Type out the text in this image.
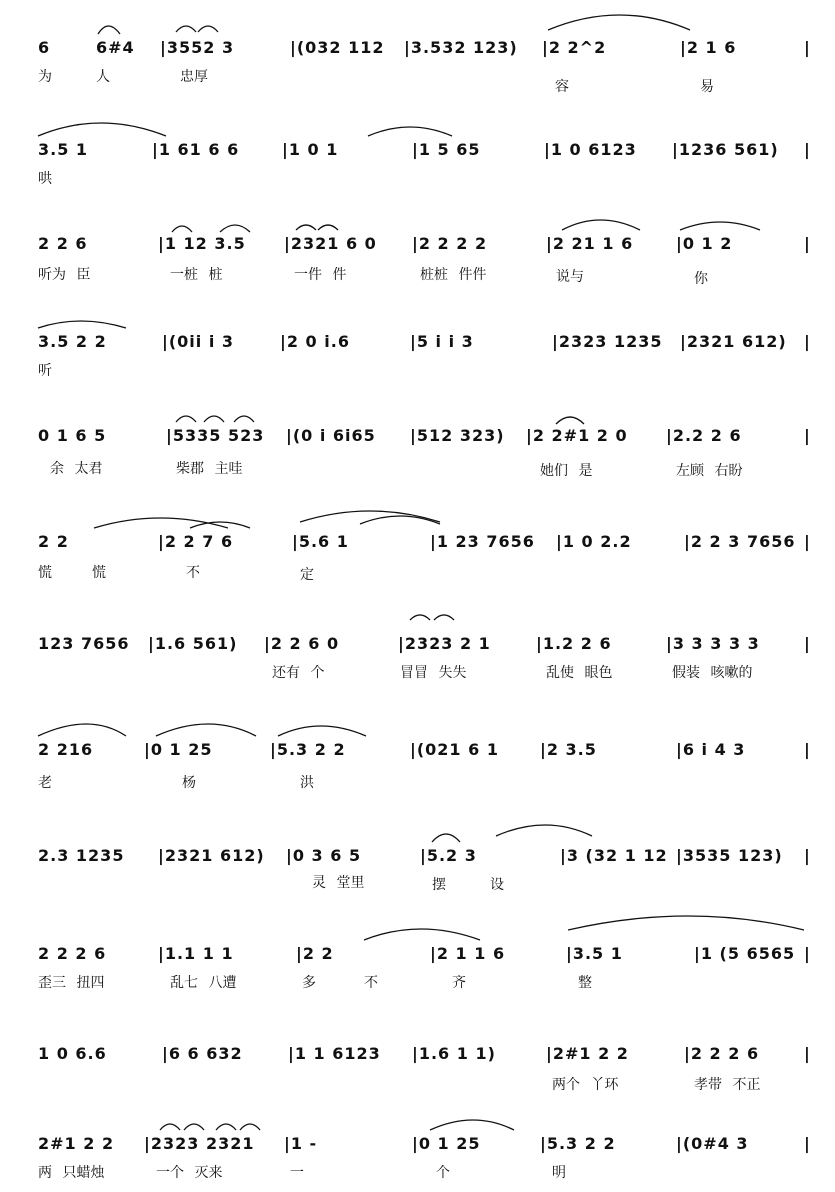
6	6#4 |3552 3	|(032 112 |3.532 123) |2 2^2	|2 1 6	|
为	人	忠厚
容	易
3.5 1	|1 61 6 6	|1 0 1	|1 5 65	|1 0 6123 |1236 561) |
哄
2 2 6	|1 12 3.5 |2321 6 0 |2 2 2 2	|2 21 1 6	|0 1 2	|
听为 臣	一桩 桩	一件 件	桩桩 件件	说与	你
3.5 2 2	|(0ii i 3	|2 0 i.6	|5 i i 3	|2323 1235 |2321 612) |
听
0 1 6 5	|5335 523 |(0 i 6i65 |512 323) |2 2#1 2 0 |2.2 2 6	|
余 太君	柴郡 主哇	她们 是	左顾 右盼
2 2	|2 2 7 6	|5.6 1	|1 23 7656 |1 0 2.2	|2 2 3 7656 |
慌	慌	不	定
123 7656 |1.6 561) |2 2 6 0	|2323 2 1	|1.2 2 6	|3 3 3 3 3	|
还有 个	冒冒 失失	乱使 眼色	假装 咳嗽的
2 216	|0 1 25	|5.3 2 2	|(021 6 1	|2 3.5	|6 i 4 3	|
老	杨	洪
2.3 1235 |2321 612) |0 3 6 5	|5.2 3	|3 (32 1 12 |3535 123) |
灵 堂里	摆	设
2 2 2 6	|1.1 1 1	|2 2	|2 1 1 6	|3.5 1	|1 (5 6565 |
歪三 扭四	乱七 八遭	多	不	齐	整
1 0 6.6	|6 6 632	|1 1 6123 |1.6 1 1)	|2#1 2 2	|2 2 2 6	|
两个 丫环	孝带 不正
2#1 2 2 |2323 2321 |1 -	|0 1 25	|5.3 2 2	|(0#4 3	|
两 只蜡烛	一个 灭来	一	个	明
